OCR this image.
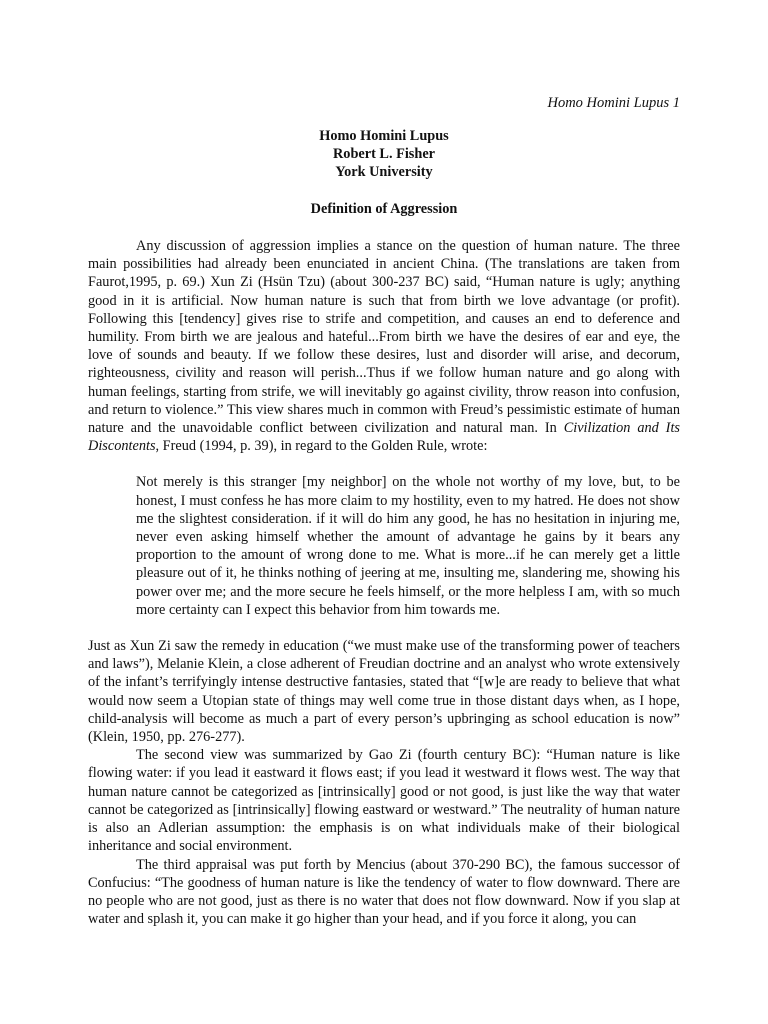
Homo Homini Lupus 1
Homo Homini Lupus
Robert L. Fisher
York University
Definition of Aggression

Any discussion of aggression implies a stance on the question of human nature. The three main possibilities had already been enunciated in ancient China. (The translations are taken from Faurot,1995, p. 69.) Xun Zi (Hsün Tzu) (about 300-237 BC) said, “Human nature is ugly; anything good in it is artificial. Now human nature is such that from birth we love advantage (or profit). Following this [tendency] gives rise to strife and competition, and causes an end to deference and humility. From birth we are jealous and hateful...From birth we have the desires of ear and eye, the love of sounds and beauty. If we follow these desires, lust and disorder will arise, and decorum, righteousness, civility and reason will perish...Thus if we follow human nature and go along with human feelings, starting from strife, we will inevitably go against civility, throw reason into confusion, and return to violence.” This view shares much in common with Freud’s pessimistic estimate of human nature and the unavoidable conflict between civilization and natural man. In Civilization and Its Discontents, Freud (1994, p. 39), in regard to the Golden Rule, wrote:

Not merely is this stranger [my neighbor] on the whole not worthy of my love, but, to be honest, I must confess he has more claim to my hostility, even to my hatred. He does not show me the slightest consideration. if it will do him any good, he has no hesitation in injuring me, never even asking himself whether the amount of advantage he gains by it bears any proportion to the amount of wrong done to me. What is more...if he can merely get a little pleasure out of it, he thinks nothing of jeering at me, insulting me, slandering me, showing his power over me; and the more secure he feels himself, or the more helpless I am, with so much more certainty can I expect this behavior from him towards me.

Just as Xun Zi saw the remedy in education (“we must make use of the transforming power of teachers and laws”), Melanie Klein, a close adherent of Freudian doctrine and an analyst who wrote extensively of the infant’s terrifyingly intense destructive fantasies, stated that “[w]e are ready to believe that what would now seem a Utopian state of things may well come true in those distant days when, as I hope, child-analysis will become as much a part of every person’s upbringing as school education is now” (Klein, 1950, pp. 276-277).

The second view was summarized by Gao Zi (fourth century BC): “Human nature is like flowing water: if you lead it eastward it flows east; if you lead it westward it flows west. The way that human nature cannot be categorized as [intrinsically] good or not good, is just like the way that water cannot be categorized as [intrinsically] flowing eastward or westward.” The neutrality of human nature is also an Adlerian assumption: the emphasis is on what individuals make of their biological inheritance and social environment.

The third appraisal was put forth by Mencius (about 370-290 BC), the famous successor of Confucius: “The goodness of human nature is like the tendency of water to flow downward. There are no people who are not good, just as there is no water that does not flow downward. Now if you slap at water and splash it, you can make it go higher than your head, and if you force it along, you can
